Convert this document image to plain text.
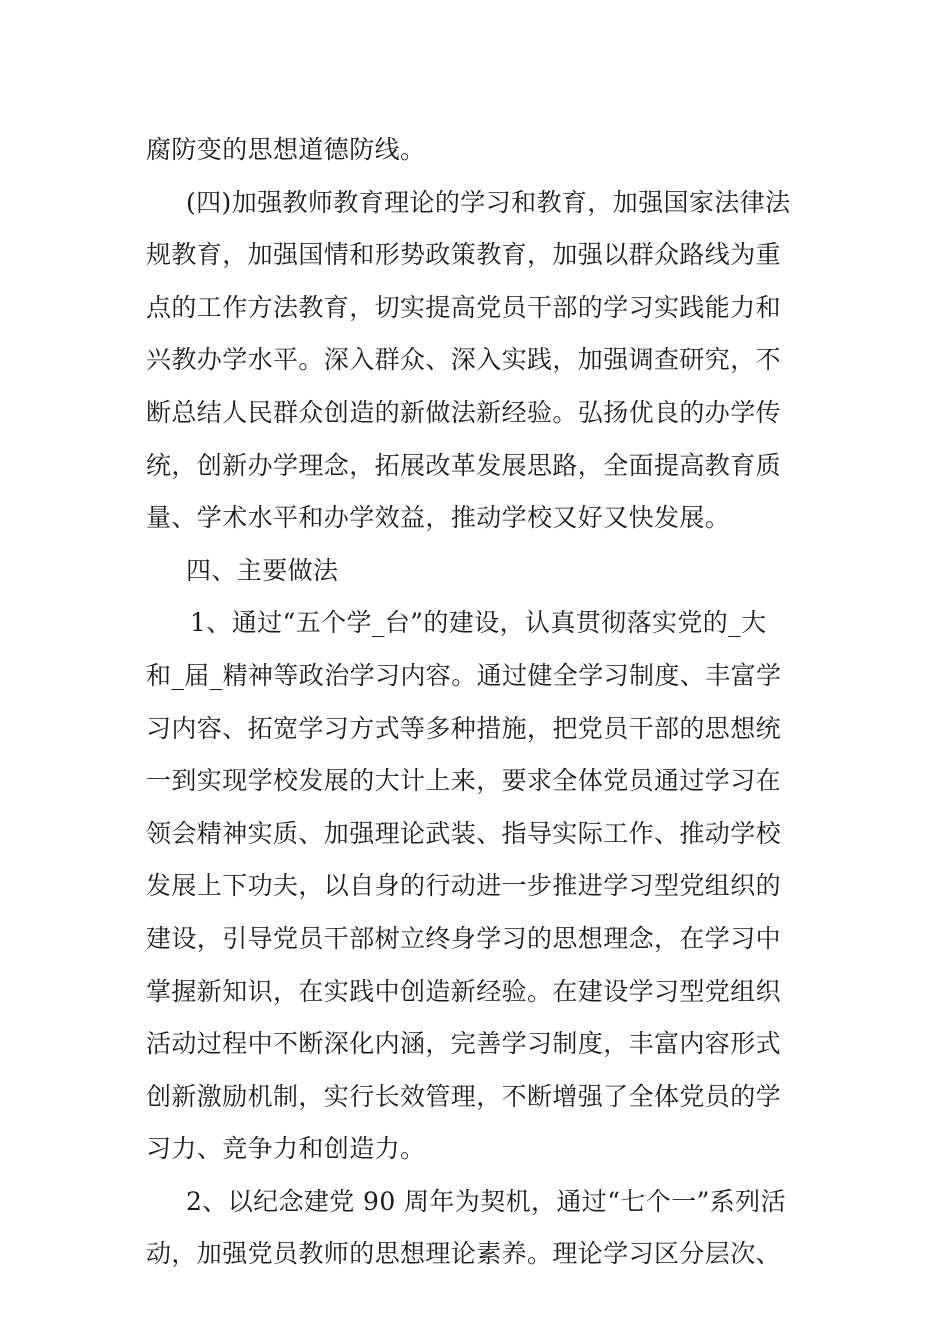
腐防变的思想道德防线。
(四)加强教师教育理论的学习和教育，加强国家法律法
规教育，加强国情和形势政策教育，加强以群众路线为重
点的工作方法教育，切实提高党员干部的学习实践能力和
兴教办学水平。深入群众、深入实践，加强调查研究，不
断总结人民群众创造的新做法新经验。弘扬优良的办学传
统，创新办学理念，拓展改革发展思路，全面提高教育质
量、学术水平和办学效益，推动学校又好又快发展。
四、主要做法
1、通过“五个学_台”的建设，认真贯彻落实党的_大
和_届_精神等政治学习内容。通过健全学习制度、丰富学
习内容、拓宽学习方式等多种措施，把党员干部的思想统
一到实现学校发展的大计上来，要求全体党员通过学习在
领会精神实质、加强理论武装、指导实际工作、推动学校
发展上下功夫，以自身的行动进一步推进学习型党组织的
建设，引导党员干部树立终身学习的思想理念，在学习中
掌握新知识，在实践中创造新经验。在建设学习型党组织
活动过程中不断深化内涵，完善学习制度，丰富内容形式
创新激励机制，实行长效管理，不断增强了全体党员的学
习力、竞争力和创造力。
2、以纪念建党 90 周年为契机，通过“七个一”系列活
动，加强党员教师的思想理论素养。理论学习区分层次、
